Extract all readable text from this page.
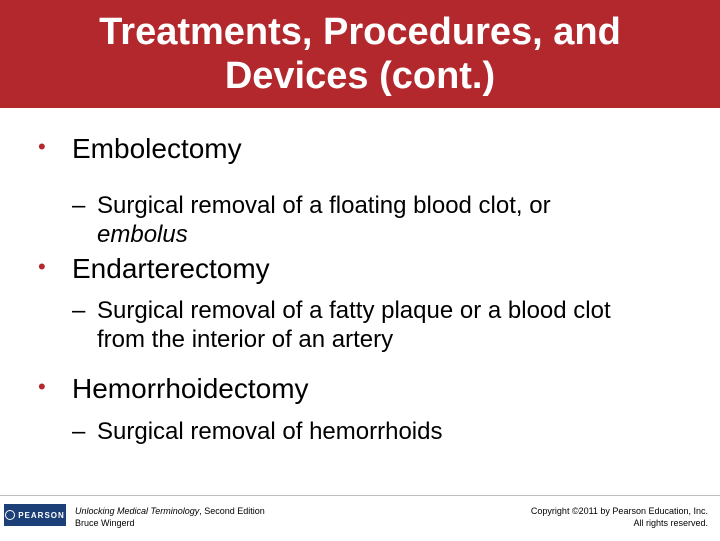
Treatments, Procedures, and
Devices (cont.)
• Embolectomy
– Surgical removal of a floating blood clot, or
embolus
• Endarterectomy
– Surgical removal of a fatty plaque or a blood clot from the interior of an artery
• Hemorrhoidectomy
– Surgical removal of hemorrhoids
PEARSON Unlocking Medical Terminology, Second Edition
Bruce Wingerd
Copyright ©2011 by Pearson Education, Inc.
All rights reserved.
